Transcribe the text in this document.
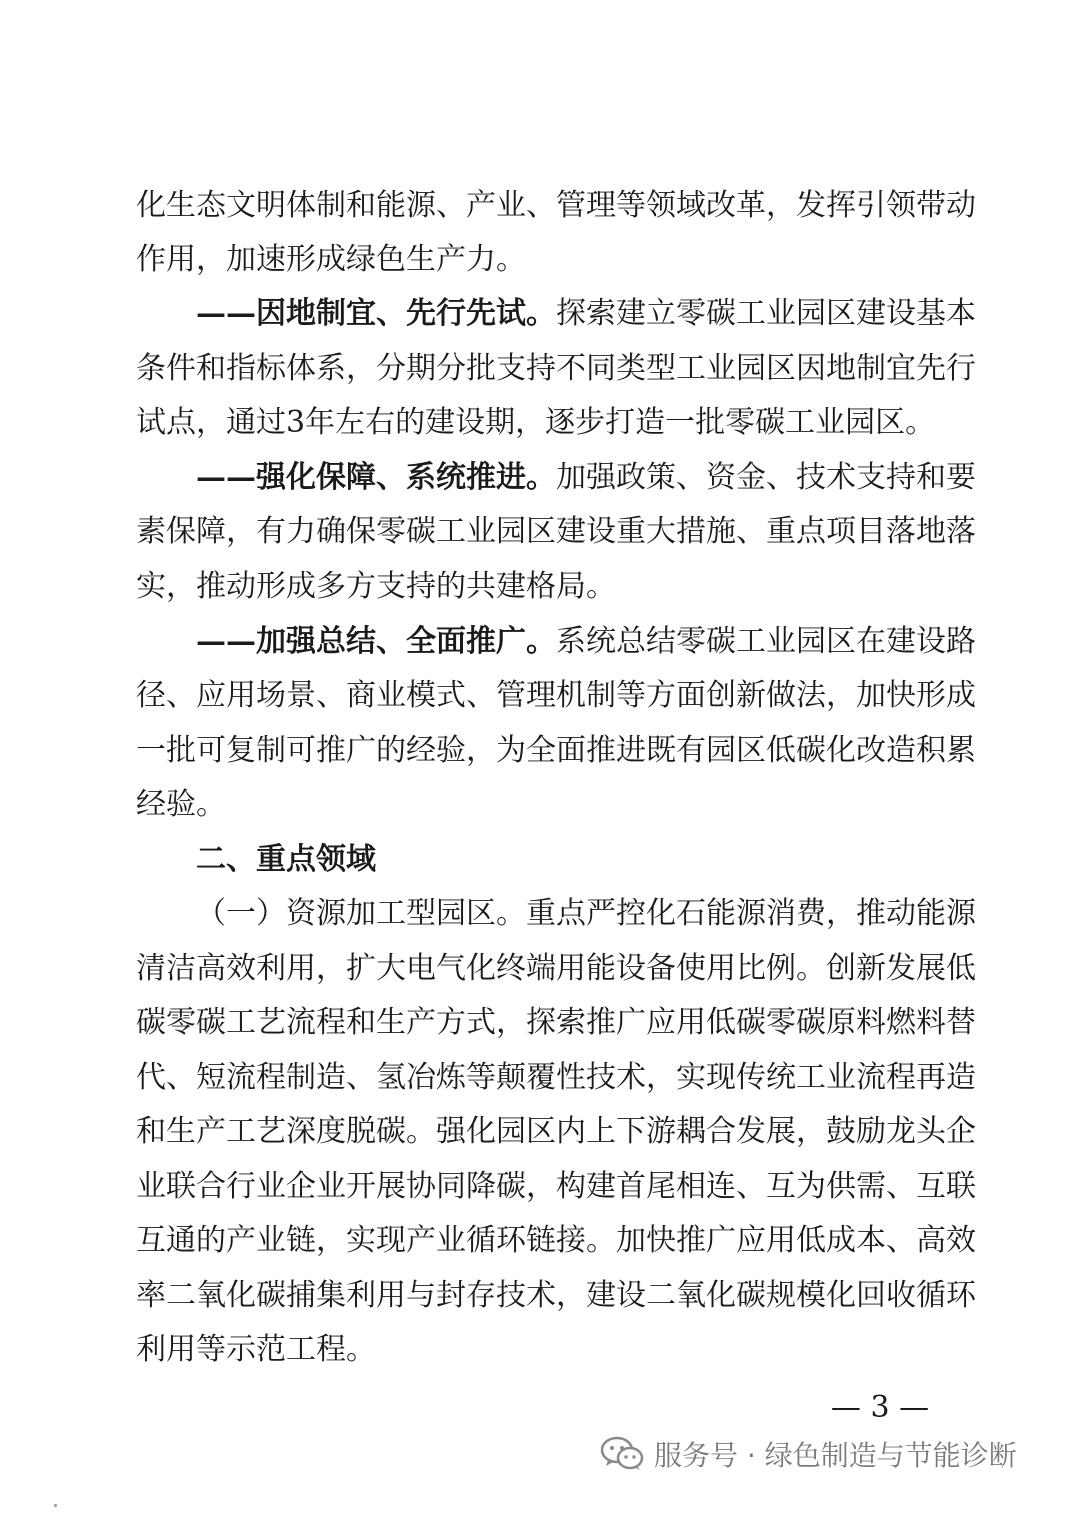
化生态文明体制和能源、产业、管理等领域改革，发挥引领带动
作用，加速形成绿色生产力。
——因地制宜、先行先试。探索建立零碳工业园区建设基本
条件和指标体系，分期分批支持不同类型工业园区因地制宜先行
试点，通过3年左右的建设期，逐步打造一批零碳工业园区。
——强化保障、系统推进。加强政策、资金、技术支持和要
素保障，有力确保零碳工业园区建设重大措施、重点项目落地落
实，推动形成多方支持的共建格局。
——加强总结、全面推广。系统总结零碳工业园区在建设路
径、应用场景、商业模式、管理机制等方面创新做法，加快形成
一批可复制可推广的经验，为全面推进既有园区低碳化改造积累
经验。
二、重点领域
（一）资源加工型园区。重点严控化石能源消费，推动能源
清洁高效利用，扩大电气化终端用能设备使用比例。创新发展低
碳零碳工艺流程和生产方式，探索推广应用低碳零碳原料燃料替
代、短流程制造、氢冶炼等颠覆性技术，实现传统工业流程再造
和生产工艺深度脱碳。强化园区内上下游耦合发展，鼓励龙头企
业联合行业企业开展协同降碳，构建首尾相连、互为供需、互联
互通的产业链，实现产业循环链接。加快推广应用低成本、高效
率二氧化碳捕集利用与封存技术，建设二氧化碳规模化回收循环
利用等示范工程。
— 3 —
服务号 · 绿色制造与节能诊断
